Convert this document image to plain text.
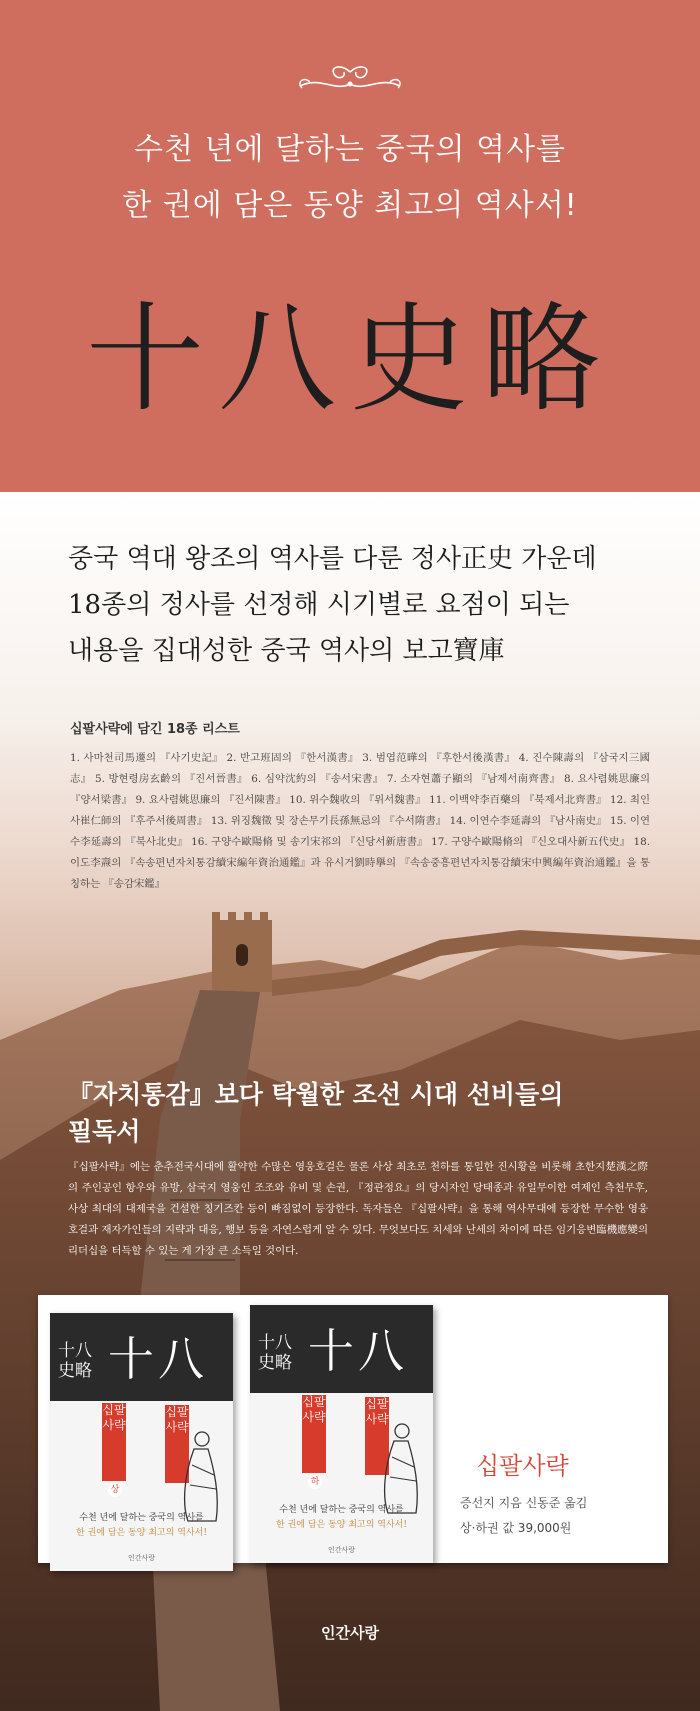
수천 년에 달하는 중국의 역사를
한 권에 담은 동양 최고의 역사서!
十八史略
중국 역대 왕조의 역사를 다룬 정사正史 가운데
18종의 정사를 선정해 시기별로 요점이 되는
내용을 집대성한 중국 역사의 보고寶庫
십팔사략에 담긴 18종 리스트
1. 사마천司馬遷의 『사기史記』 2. 반고班固의 『한서漢書』 3. 범엽范曄의 『후한서後漢書』 4. 진수陳壽의 『삼국지三國志』 5. 방현령房玄齡의 『진서晉書』 6. 심약沈約의 『송서宋書』 7. 소자현蕭子顯의 『남제서南齊書』 8. 요사렴姚思廉의 『양서梁書』 9. 요사렴姚思廉의 『진서陳書』 10. 위수魏收의 『위서魏書』 11. 이백약李百藥의 『북제서北齊書』 12. 최인사崔仁師의 『후주서後周書』 13. 위징魏徵 및 장손무기長孫無忌의 『수서隋書』 14. 이연수李延壽의 『남사南史』 15. 이연수李延壽의 『북사北史』 16. 구양수歐陽脩 및 송기宋祁의 『신당서新唐書』 17. 구양수歐陽脩의 『신오대사新五代史』 18. 이도李燾의 『속송편년자치통감續宋編年資治通鑑』과 유시거劉時擧의 『속송중흥편년자치통감續宋中興編年資治通鑑』을 통칭하는 『송감宋鑑』
『자치통감』보다 탁월한 조선 시대 선비들의
필독서
『십팔사략』에는 춘추전국시대에 활약한 수많은 영웅호걸은 물론 사상 최초로 천하를 통일한 진시황을 비롯해 초한지楚漢之際의 주인공인 항우와 유방, 삼국지 영웅인 조조와 유비 및 손권, 『정관정요』의 당시자인 당태종과 유일무이한 여제인 측천무후, 사상 최대의 대제국을 건설한 칭기즈칸 등이 빠짐없이 등장한다. 독자들은 『십팔사략』을 통해 역사무대에 등장한 무수한 영웅호걸과 재자가인들의 지략과 대응, 행보 등을 자연스럽게 알 수 있다. 무엇보다도 치세와 난세의 차이에 따른 임기응변臨機應變의 리더십을 터득할 수 있는 게 가장 큰 소득일 것이다.
十八史略 十八
십팔사략
십팔사략
상
수천 년에 달하는 중국의 역사를
한 권에 담은 동양 최고의 역사서!
인간사랑
十八史略 十八
십팔사략
십팔사략
하
수천 년에 달하는 중국의 역사를
한 권에 담은 동양 최고의 역사서!
인간사랑
십팔사략
증선지 지음 신동준 옮김
상·하권 값 39,000원
인간사랑
